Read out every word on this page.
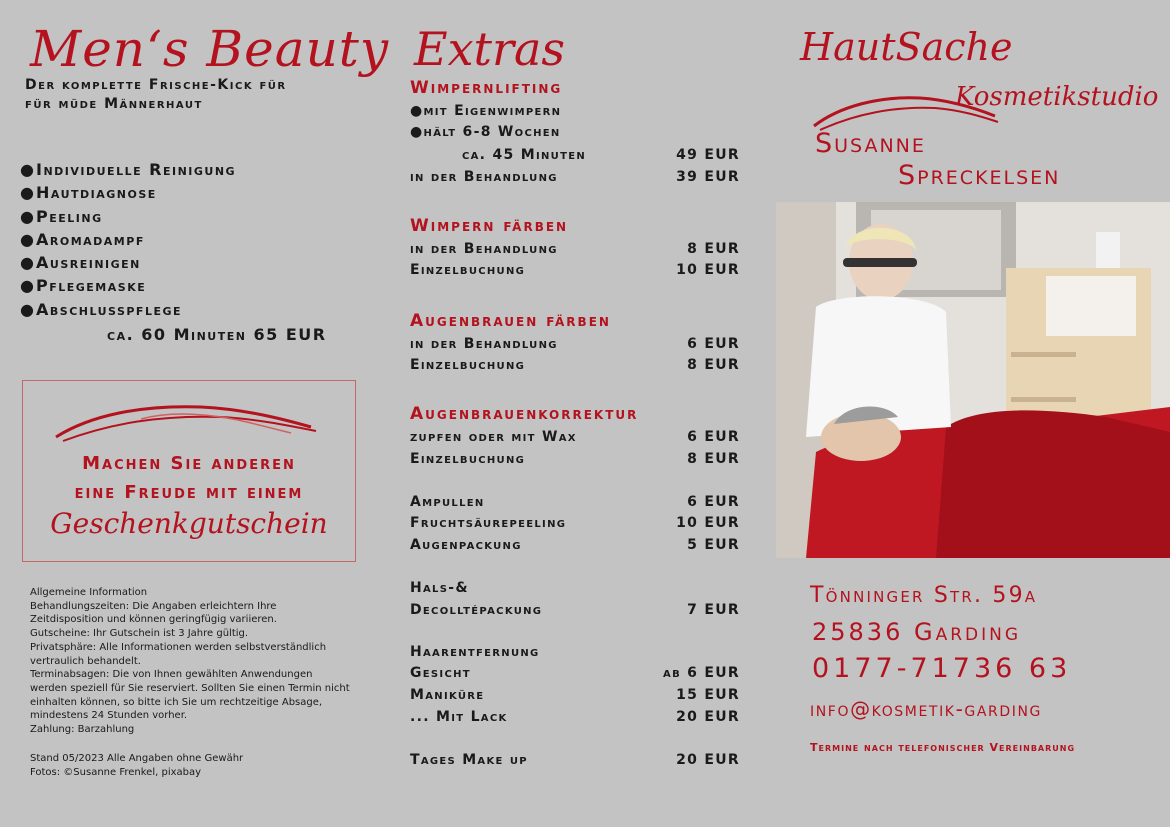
Men‘s Beauty
Der komplette Frische-Kick für
für müde Männerhaut
●Individuelle Reinigung
●Hautdiagnose
●Peeling
●Aromadampf
●Ausreinigen
●Pflegemaske
●Abschlusspflege
ca. 60 Minuten 65 EUR
Machen Sie anderen
eine Freude mit einem
Geschenkgutschein

Allgemeine Information

Behandlungszeiten: Die Angaben erleichtern Ihre Zeitdisposition und können geringfügig variieren.

Gutscheine: Ihr Gutschein ist 3 Jahre gültig.

Privatsphäre: Alle Informationen werden selbstverständlich vertraulich behandelt.

Terminabsagen: Die von Ihnen gewählten Anwendungen werden speziell für Sie reserviert. Sollten Sie einen Termin nicht einhalten können, so bitte ich Sie um rechtzeitige Absage, mindestens 24 Stunden vorher.

Zahlung: Barzahlung

Stand 05/2023 Alle Angaben ohne Gewähr
Fotos: ©Susanne Frenkel, pixabay
Extras
Wimpernlifting
●mit Eigenwimpern
●hält 6-8 Wochen
ca. 45 Minuten	49 EUR
in der Behandlung	39 EUR
Wimpern färben
in der Behandlung	8 EUR
Einzelbuchung	10 EUR
Augenbrauen färben
in der Behandlung	6 EUR
Einzelbuchung	8 EUR
Augenbrauenkorrektur
zupfen oder mit Wax	6 EUR
Einzelbuchung	8 EUR
Ampullen	6 EUR
Fruchtsäurepeeling	10 EUR
Augenpackung	5 EUR
Hals-&
Decolltépackung	7 EUR
Haarentfernung
Gesicht	ab 6 EUR
Maniküre	15 EUR
... Mit Lack	20 EUR
Tages Make up	20 EUR
HautSache
Kosmetikstudio
Susanne
Spreckelsen
Tönninger Str. 59a
25836 Garding
0177-71736 63
info@kosmetik-garding
Termine nach telefonischer Vereinbarung
